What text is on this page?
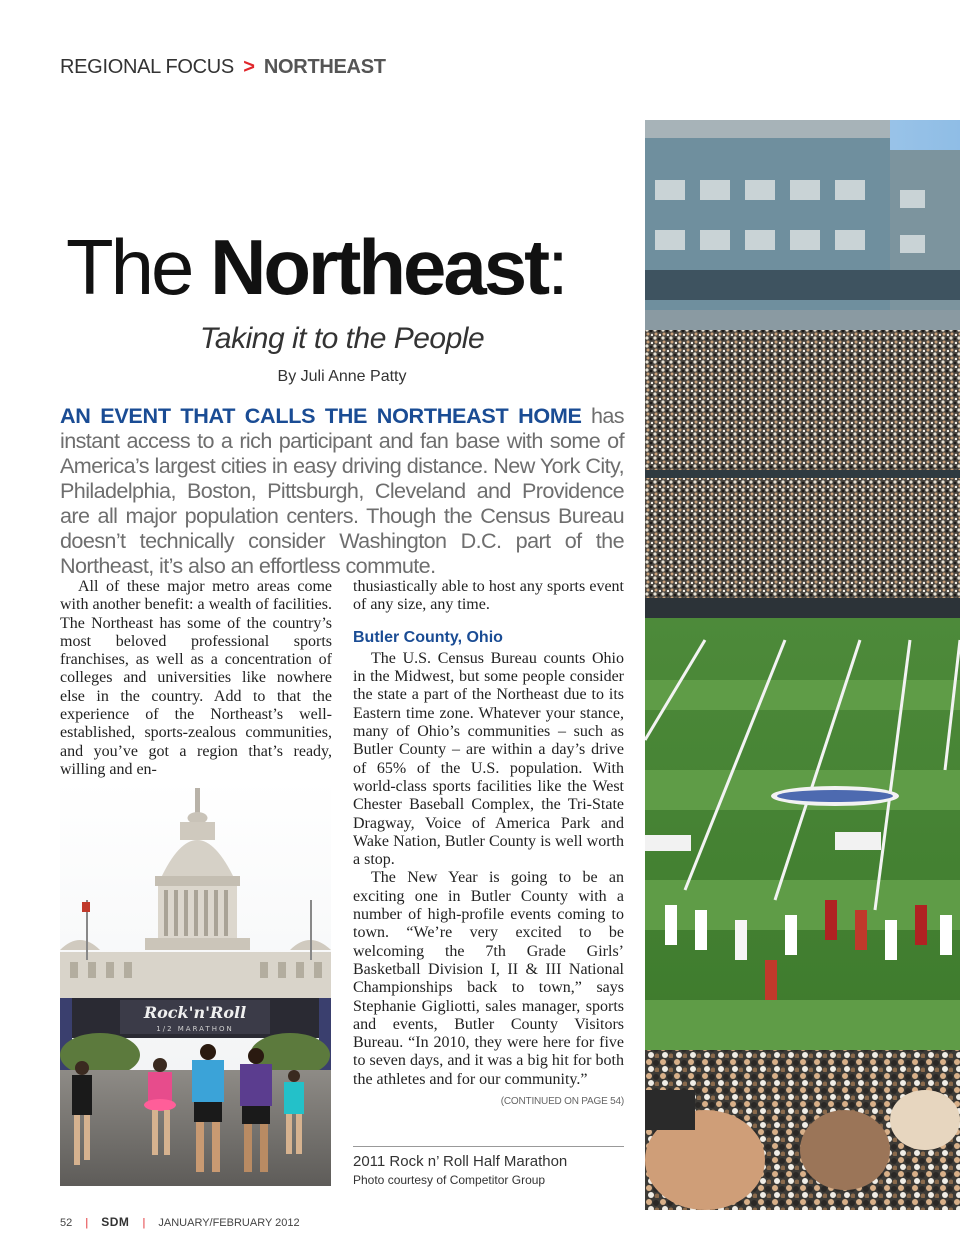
REGIONAL FOCUS > NORTHEAST
The Northeast:
Taking it to the People
By Juli Anne Patty
AN EVENT THAT CALLS THE NORTHEAST HOME has instant access to a rich participant and fan base with some of America’s largest cities in easy driving distance. New York City, Philadelphia, Boston, Pittsburgh, Cleveland and Providence are all major population centers. Though the Census Bureau doesn’t technically consider Washington D.C. part of the Northeast, it’s also an effortless commute.

All of these major metro areas come with another benefit: a wealth of facilities. The Northeast has some of the country’s most beloved professional sports franchises, as well as a concentration of colleges and universities like nowhere else in the country. Add to that the experience of the Northeast’s well-established, sports-zealous communities, and you’ve got a region that’s ready, willing and en-

Rock'n'Roll
1/2 MARATHON

thusiastically able to host any sports event of any size, any time.

Butler County, Ohio

The U.S. Census Bureau counts Ohio in the Midwest, but some people consider the state a part of the Northeast due to its Eastern time zone. Whatever your stance, many of Ohio’s communities – such as Butler County – are within a day’s drive of 65% of the U.S. population. With world-class sports facilities like the West Chester Baseball Complex, the Tri-State Dragway, Voice of America Park and Wake Nation, Butler County is well worth a stop.

The New Year is going to be an exciting one in Butler County with a number of high-profile events coming to town. “We’re very excited to be welcoming the 7th Grade Girls’ Basketball Division I, II & III National Championships back to town,” says Stephanie Gigliotti, sales manager, sports and events, Butler County Visitors Bureau. “In 2010, they were here for five to seven days, and it was a big hit for both the athletes and for our community.”
(CONTINUED ON PAGE 54)

2011 Rock n’ Roll Half Marathon
Photo courtesy of Competitor Group
52 | SDM | JANUARY/FEBRUARY 2012
